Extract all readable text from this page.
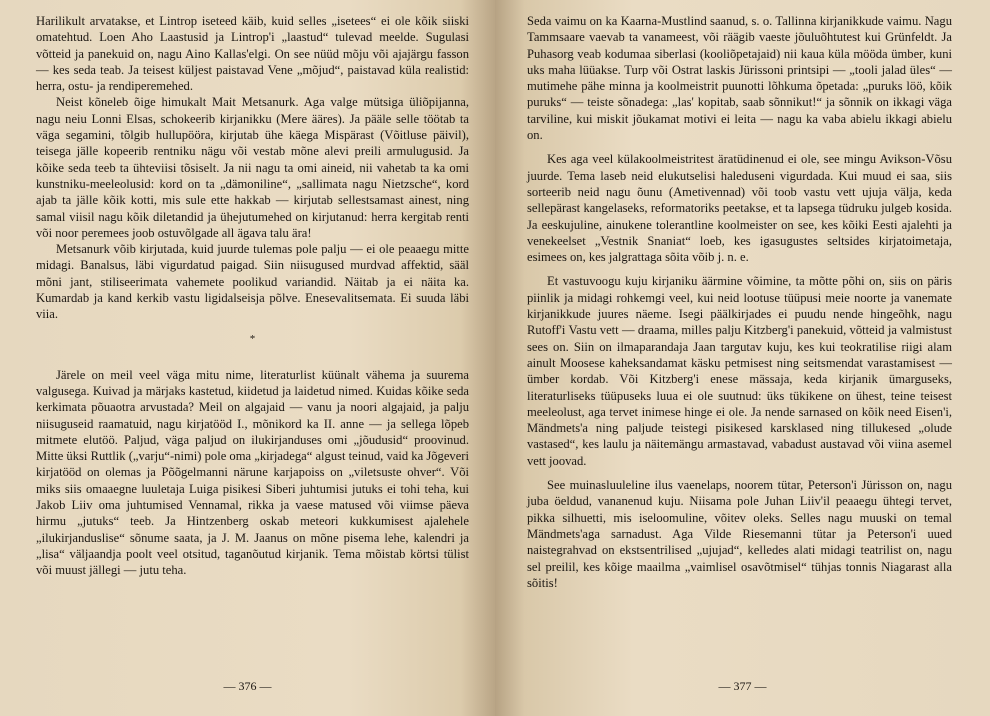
Harilikult arvatakse, et Lintrop iseteed käib, kuid selles „isetees“ ei ole kõik siiski omatehtud. Loen Aho Laastusid ja Lintrop'i „laastud“ tulevad meelde. Sugulasi võtteid ja panekuid on, nagu Aino Kallas'elgi. On see nüüd mõju või ajajärgu fasson — kes seda teab. Ja teisest küljest paistavad Vene „mõjud“, paistavad küla realistid: herra, ostu- ja rendiperemehed.

Neist kõneleb õige himukalt Mait Metsanurk. Aga valge mütsiga üliõpijanna, nagu neiu Lonni Elsas, schokeerib kirjanikku (Mere ääres). Ja pääle selle töötab ta väga segamini, tõlgib hullupööra, kirjutab ühe käega Mispärast (Võitluse päivil), teisega jälle kopeerib rentniku nägu või vestab mõne alevi preili armulugusid. Ja kõike seda teeb ta ühteviisi tõsiselt. Ja nii nagu ta omi aineid, nii vahetab ta ka omi kunstniku-meeleolusid: kord on ta „dämoniline“, „sallimata nagu Nietzsche“, kord ajab ta jälle kõik kotti, mis sule ette hakkab — kirjutab sellestsamast ainest, ning samal viisil nagu kõik diletandid ja ühejutumehed on kirjutanud: herra kergitab renti või noor peremees joob ostuvõlgade all ägava talu ära!

Metsanurk võib kirjutada, kuid juurde tulemas pole palju — ei ole peaaegu mitte midagi. Banalsus, läbi vigurdatud paigad. Siin niisugused murdvad affektid, sääl mõni jant, stiliseerimata vahemete poolikud variandid. Näitab ja ei näita ka. Kumardab ja kand kerkib vastu ligidalseisja põlve. Enesevalitsemata. Ei suuda läbi viia.

*

Järele on meil veel väga mitu nime, literaturlist küünalt vähema ja suurema valgusega. Kuivad ja märjaks kastetud, kiidetud ja laidetud nimed. Kuidas kõike seda kerkimata põuaotra arvustada? Meil on algajaid — vanu ja noori algajaid, ja palju niisuguseid raamatuid, nagu kirjatööd I., mõnikord ka II. anne — ja sellega lõpeb mitmete elutöö. Paljud, väga paljud on ilukirjanduses omi „jõudusid“ proovinud. Mitte üksi Ruttlik („varju“-nimi) pole oma „kirjadega“ algust teinud, vaid ka Jõgeveri kirjatööd on olemas ja Põõgelmanni närune karjapoiss on „viletsuste ohver“. Või miks siis omaaegne luuletaja Luiga pisikesi Siberi juhtumisi jutuks ei tohi teha, kui Jakob Liiv oma juhtumised Vennamal, rikka ja vaese matused või viimse päeva hirmu „jutuks“ teeb. Ja Hintzenberg oskab meteori kukkumisest ajalehele „ilukirjanduslise“ sõnume saata, ja J. M. Jaanus on mõne pisema lehe, kalendri ja „lisa“ väljaandja poolt veel otsitud, taganõutud kirjanik. Tema mõistab körtsi tülist või muust jällegi — jutu teha.

— 376 —

Seda vaimu on ka Kaarna-Mustlind saanud, s. o. Tallinna kirjanikkude vaimu. Nagu Tammsaare vaevab ta vanameest, või räägib vaeste jõuluõhtutest kui Grünfeldt. Ja Puhasorg veab kodumaa siberlasi (kooliõpetajaid) nii kaua küla mööda ümber, kuni uks maha lüüakse. Turp või Ostrat laskis Jürissoni printsipi — „tooli jalad üles“ — mutimehe pähe minna ja koolmeistrit puunotti lõhkuma õpetada: „puruks löö, kõik puruks“ — teiste sõnadega: „las' kopitab, saab sõnnikut!“ ja sõnnik on ikkagi väga tarviline, kui miskit jõukamat motivi ei leita — nagu ka vaba abielu ikkagi abielu on.

Kes aga veel külakoolmeistritest äratüdinenud ei ole, see mingu Avikson-Võsu juurde. Tema laseb neid elukutselisi haleduseni vigurdada. Kui muud ei saa, siis sorteerib neid nagu õunu (Ametivennad) või toob vastu vett ujuja välja, keda sellepärast kangelaseks, reformatoriks peetakse, et ta lapsega tüdruku julgeb kosida. Ja eeskujuline, ainukene tolerantline koolmeister on see, kes kõiki Eesti ajalehti ja venekeelset „Vestnik Snaniat“ loeb, kes igasugustes seltsides kirjatoimetaja, esimees on, kes jalgrattaga sõita võib j. n. e.

Et vastuvoogu kuju kirjaniku äärmine võimine, ta mõtte põhi on, siis on päris piinlik ja midagi rohkemgi veel, kui neid lootuse tüüpusi meie noorte ja vanemate kirjanikkude juures näeme. Isegi päälkirjades ei puudu nende hingeõhk, nagu Rutoff'i Vastu vett — draama, milles palju Kitzberg'i panekuid, võtteid ja valmistust sees on. Siin on ilmaparandaja Jaan targutav kuju, kes kui teokratilise riigi alam ainult Moosese kaheksandamat käsku petmisest ning seitsmendat varastamisest — ümber kordab. Või Kitzberg'i enese mässaja, keda kirjanik ümarguseks, literaturliseks tüüpuseks luua ei ole suutnud: üks tükikene on ühest, teine teisest meeleolust, aga tervet inimese hinge ei ole. Ja nende sarnased on kõik need Eisen'i, Mändmets'a ning paljude teistegi pisikesed karsklased ning tillukesed „olude vastased“, kes laulu ja näitemängu armastavad, vabadust austavad või viina asemel vett joovad.

See muinasluuleline ilus vaenelaps, noorem tütar, Peterson'i Jürisson on, nagu juba öeldud, vananenud kuju. Niisama pole Juhan Liiv'il peaaegu ühtegi tervet, pikka silhuetti, mis iseloomuline, võitev oleks. Selles nagu muuski on temal Mändmets'aga sarnadust. Aga Vilde Riesemanni tütar ja Peterson'i uued naistegrahvad on ekstsentrilised „ujujad“, kelledes alati midagi teatrilist on, nagu sel preilil, kes kõige maailma „vaimlisel osavõtmisel“ tühjas tonnis Niagarast alla sõitis!

— 377 —
